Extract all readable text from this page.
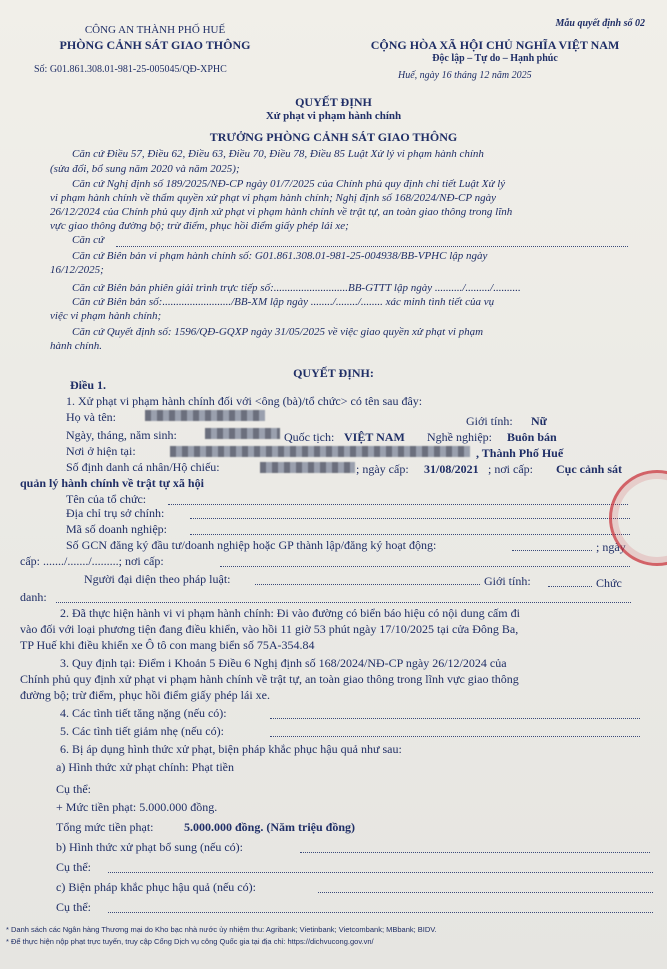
CÔNG AN THÀNH PHỐ HUẾ
PHÒNG CẢNH SÁT GIAO THÔNG
Số: G01.861.308.01-981-25-005045/QĐ-XPHC
Mẫu quyết định số 02
CỘNG HÒA XÃ HỘI CHỦ NGHĨA VIỆT NAM
Độc lập – Tự do – Hạnh phúc
Huế, ngày 16 tháng 12 năm 2025
QUYẾT ĐỊNH
Xử phạt vi phạm hành chính
TRƯỞNG PHÒNG CẢNH SÁT GIAO THÔNG
Căn cứ Điều 57, Điều 62, Điều 63, Điều 70, Điều 78, Điều 85 Luật Xử lý vi phạm hành chính
(sửa đổi, bổ sung năm 2020 và năm 2025);
Căn cứ Nghị định số 189/2025/NĐ-CP ngày 01/7/2025 của Chính phủ quy định chi tiết Luật Xử lý
vi phạm hành chính về thẩm quyền xử phạt vi phạm hành chính; Nghị định số 168/2024/NĐ-CP ngày
26/12/2024 của Chính phủ quy định xử phạt vi phạm hành chính về trật tự, an toàn giao thông trong lĩnh
vực giao thông đường bộ; trừ điểm, phục hồi điểm giấy phép lái xe;
Căn cứ
Căn cứ Biên bản vi phạm hành chính số: G01.861.308.01-981-25-004938/BB-VPHC lập ngày
16/12/2025;
Căn cứ Biên bản phiên giải trình trực tiếp số:...........................BB-GTTT lập ngày ........../........./..........
Căn cứ Biên bản số:........................./BB-XM lập ngày ......../......../........ xác minh tình tiết của vụ
việc vi phạm hành chính;
Căn cứ Quyết định số: 1596/QĐ-GQXP ngày 31/05/2025 về việc giao quyền xử phạt vi phạm
hành chính.
QUYẾT ĐỊNH:
Điều 1.
1. Xử phạt vi phạm hành chính đối với <ông (bà)/tổ chức> có tên sau đây:
Họ và tên:	Giới tính: Nữ
Ngày, tháng, năm sinh:	Quốc tịch: VIỆT NAM Nghề nghiệp: Buôn bán
Nơi ở hiện tại:	, Thành Phố Huế
Số định danh cá nhân/Hộ chiếu:	; ngày cấp: 31/08/2021 ; nơi cấp: Cục cảnh sát
quản lý hành chính về trật tự xã hội
Tên của tổ chức:
Địa chỉ trụ sở chính:
Mã số doanh nghiệp:
Số GCN đăng ký đầu tư/doanh nghiệp hoặc GP thành lập/đăng ký hoạt động:	; ngày
cấp: ......./......./.........; nơi cấp:
Người đại diện theo pháp luật:	Giới tính:	Chức
danh:
2. Đã thực hiện hành vi vi phạm hành chính: Đi vào đường có biển báo hiệu có nội dung cấm đi
vào đối với loại phương tiện đang điều khiển, vào hồi 11 giờ 53 phút ngày 17/10/2025 tại cửa Đông Ba,
TP Huế khi điều khiển xe Ô tô con mang biển số 75A-354.84
3. Quy định tại: Điểm i Khoản 5 Điều 6 Nghị định số 168/2024/NĐ-CP ngày 26/12/2024 của
Chính phủ quy định xử phạt vi phạm hành chính về trật tự, an toàn giao thông trong lĩnh vực giao thông
đường bộ; trừ điểm, phục hồi điểm giấy phép lái xe.
4. Các tình tiết tăng nặng (nếu có):
5. Các tình tiết giảm nhẹ (nếu có):
6. Bị áp dụng hình thức xử phạt, biện pháp khắc phục hậu quả như sau:
a) Hình thức xử phạt chính: Phạt tiền
Cụ thể:
+ Mức tiền phạt: 5.000.000 đồng.
Tổng mức tiền phạt:	5.000.000 đồng. (Năm triệu đồng)
b) Hình thức xử phạt bổ sung (nếu có):
Cụ thể:
c) Biện pháp khắc phục hậu quả (nếu có):
Cụ thể:
* Danh sách các Ngân hàng Thương mại do Kho bạc nhà nước ủy nhiệm thu: Agribank; Vietinbank; Vietcombank; MBbank; BIDV.
* Để thực hiện nộp phạt trực tuyến, truy cập Cổng Dịch vụ công Quốc gia tại địa chỉ: https://dichvucong.gov.vn/
